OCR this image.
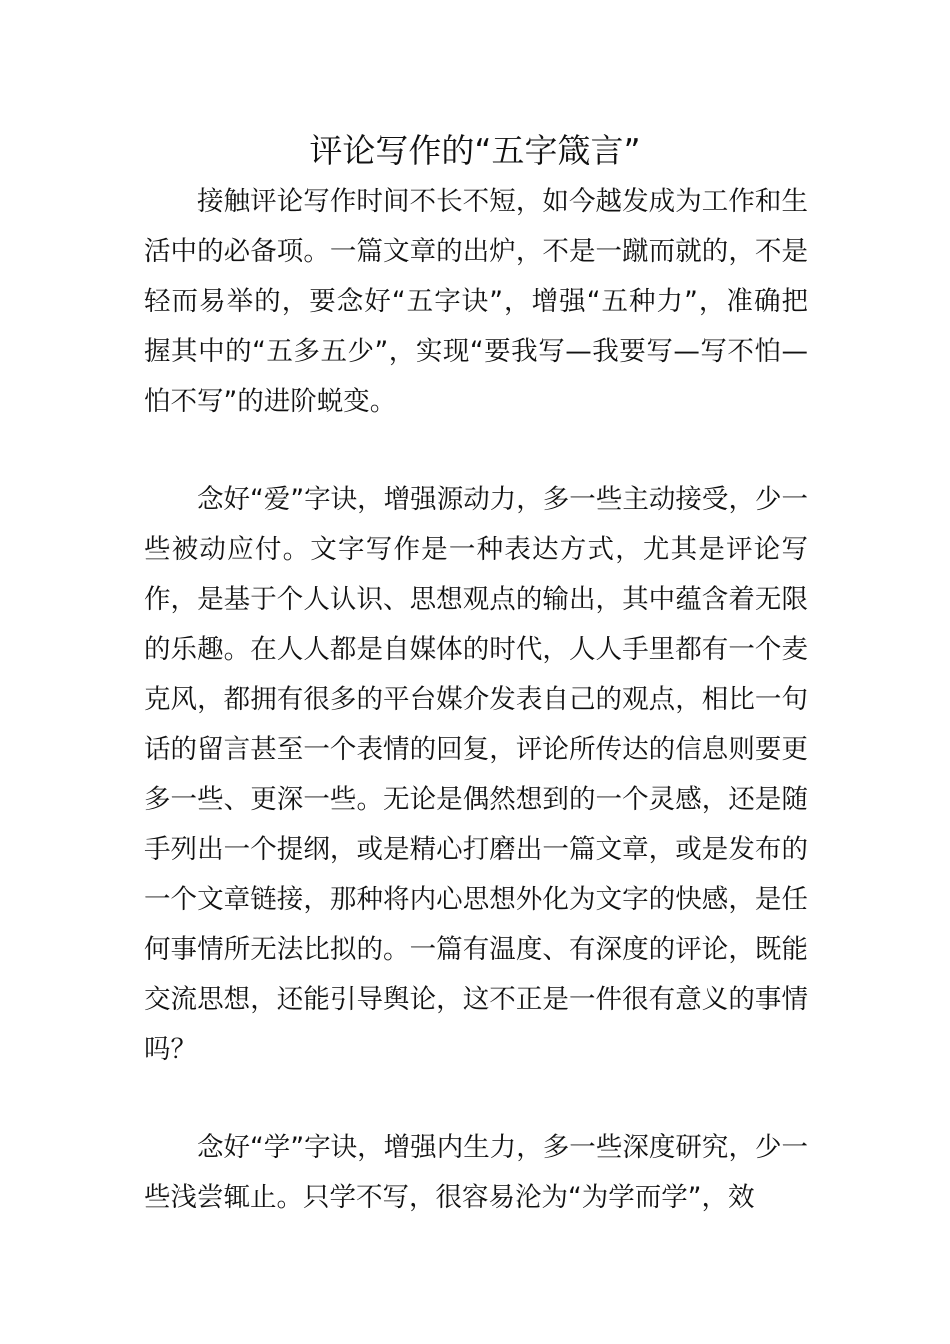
评论写作的“五字箴言”

接触评论写作时间不长不短，如今越发成为工作和生活中的必备项。一篇文章的出炉，不是一蹴而就的，不是轻而易举的，要念好“五字诀”，增强“五种力”，准确把握其中的“五多五少”，实现“要我写—我要写—写不怕—怕不写”的进阶蜕变。

念好“爱”字诀，增强源动力，多一些主动接受，少一些被动应付。文字写作是一种表达方式，尤其是评论写作，是基于个人认识、思想观点的输出，其中蕴含着无限的乐趣。在人人都是自媒体的时代，人人手里都有一个麦克风，都拥有很多的平台媒介发表自己的观点，相比一句话的留言甚至一个表情的回复，评论所传达的信息则要更多一些、更深一些。无论是偶然想到的一个灵感，还是随手列出一个提纲，或是精心打磨出一篇文章，或是发布的一个文章链接，那种将内心思想外化为文字的快感，是任何事情所无法比拟的。一篇有温度、有深度的评论，既能交流思想，还能引导舆论，这不正是一件很有意义的事情吗？

念好“学”字诀，增强内生力，多一些深度研究，少一些浅尝辄止。只学不写，很容易沦为“为学而学”，效
